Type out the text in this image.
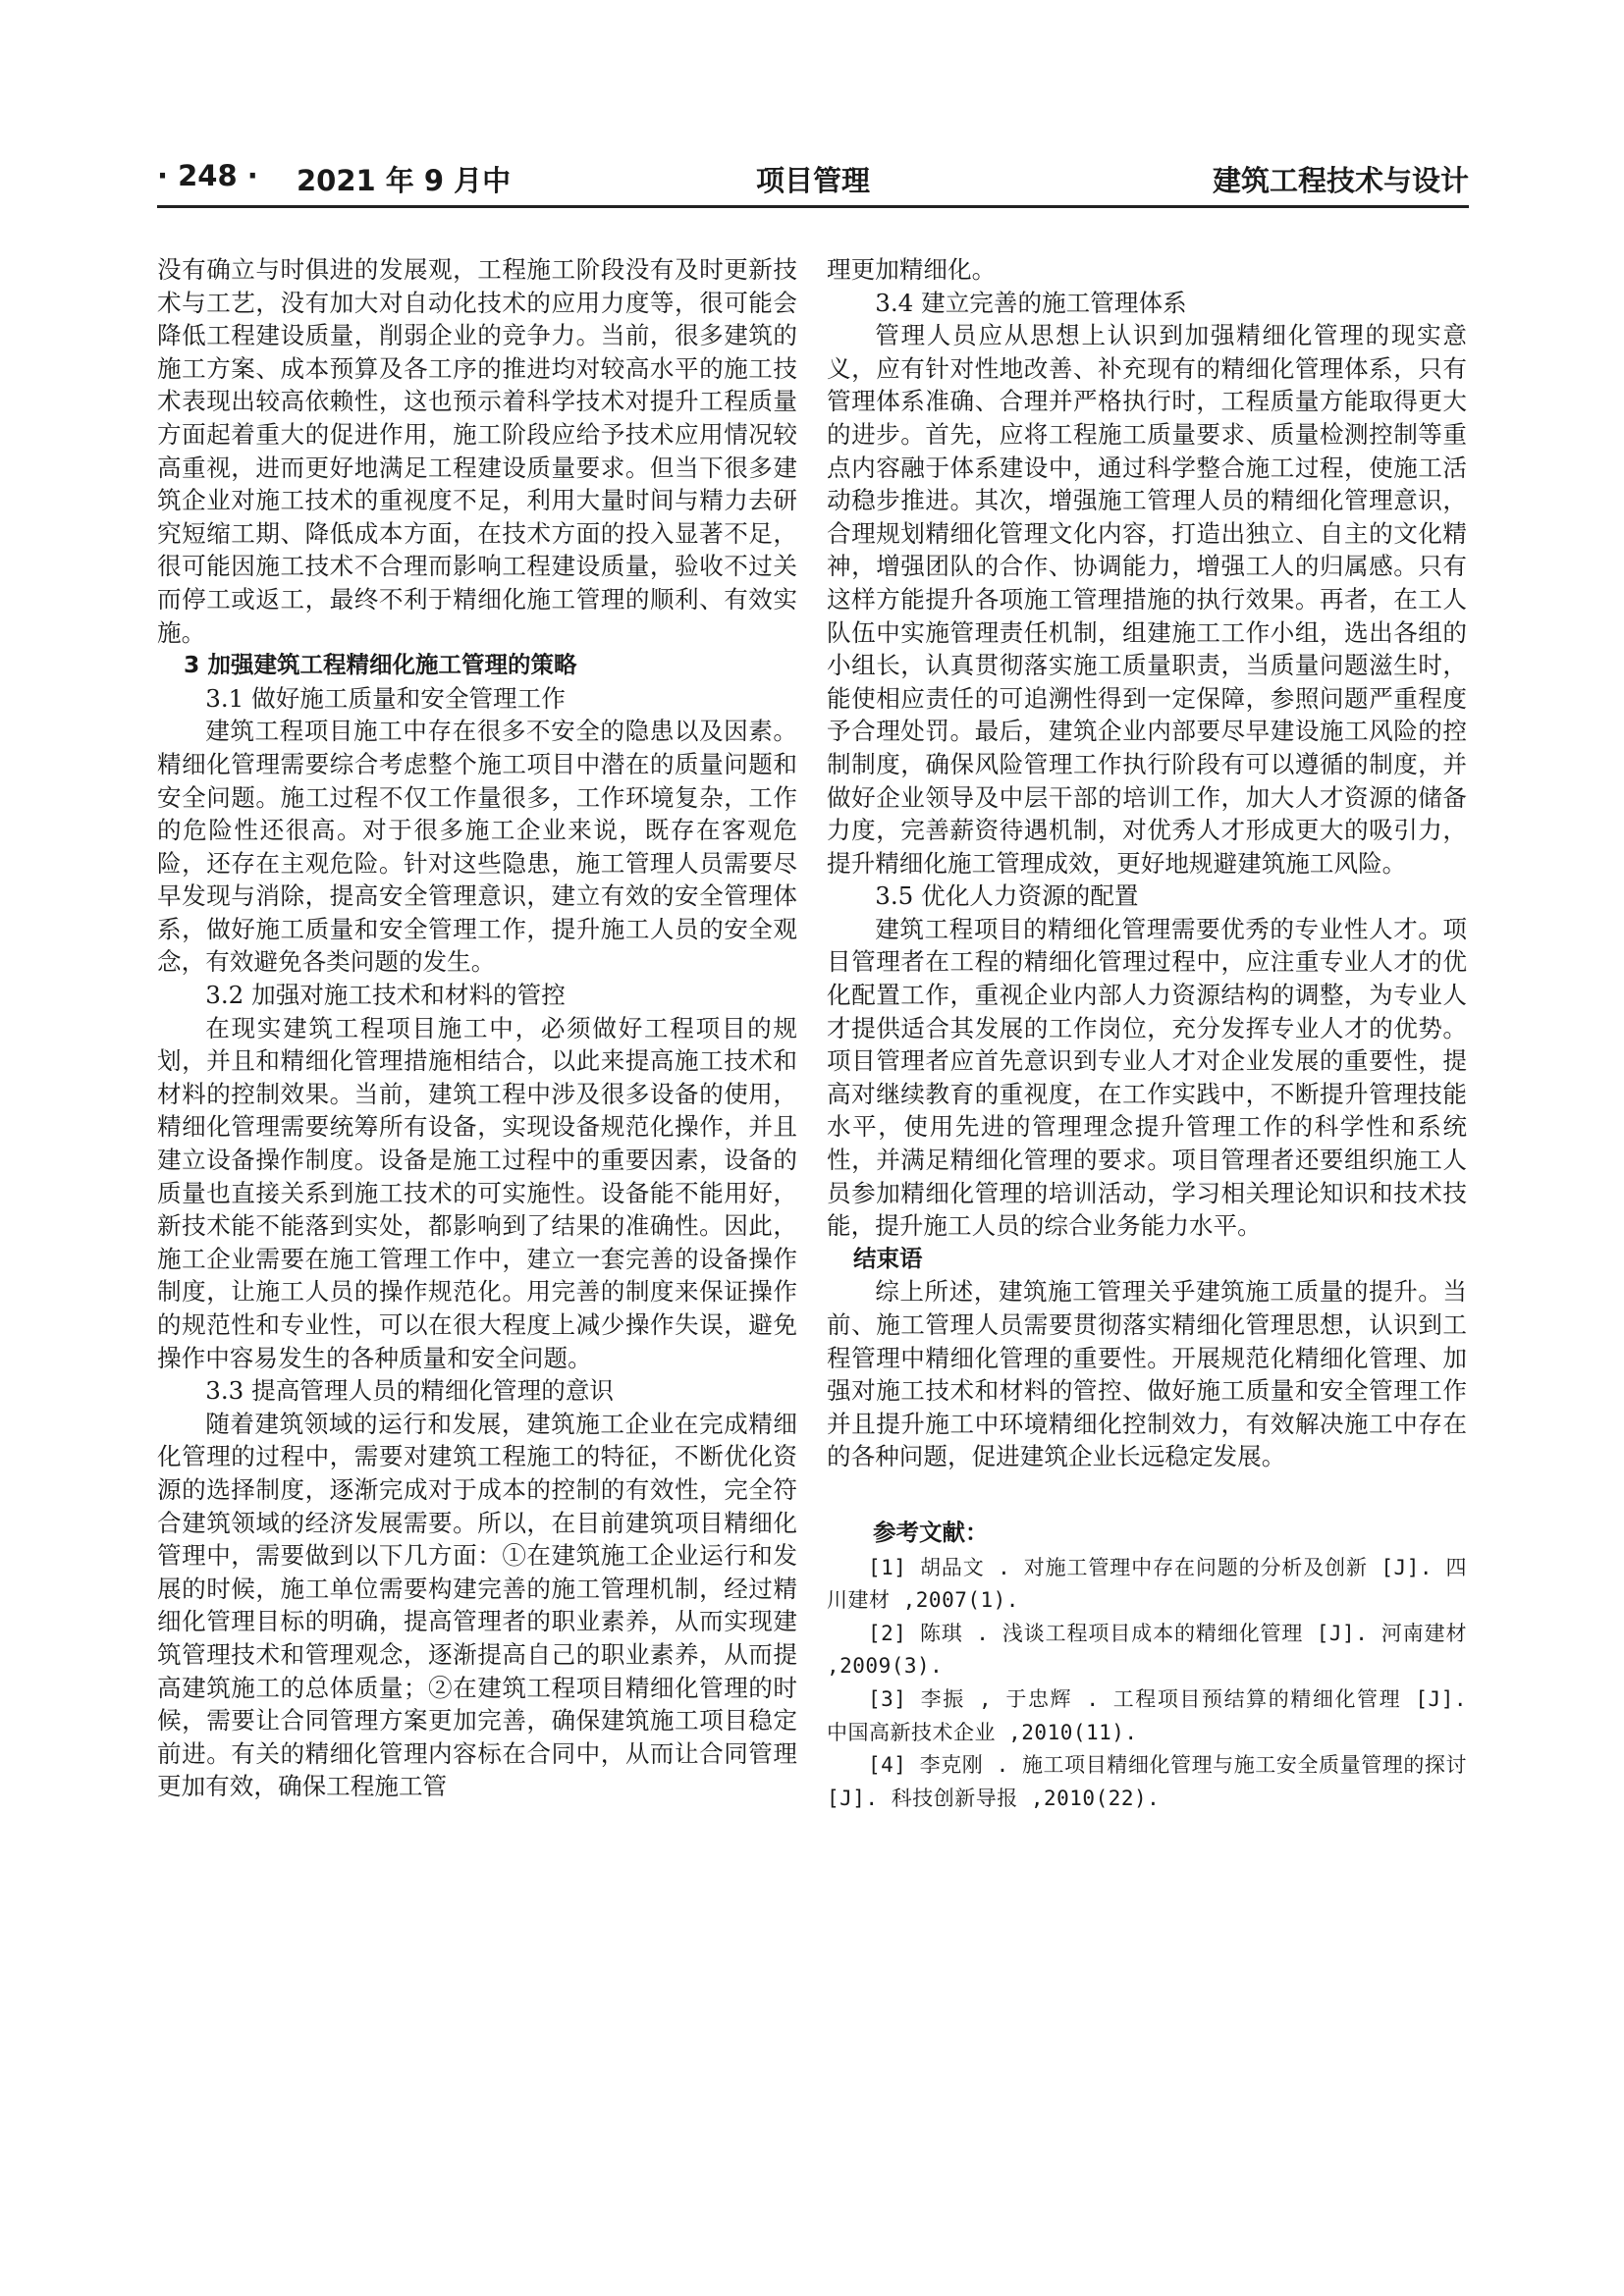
· 248 · 2021 年 9 月中	项目管理	建筑工程技术与设计

没有确立与时俱进的发展观，工程施工阶段没有及时更新技术与工艺，没有加大对自动化技术的应用力度等，很可能会降低工程建设质量，削弱企业的竞争力。当前，很多建筑的施工方案、成本预算及各工序的推进均对较高水平的施工技术表现出较高依赖性，这也预示着科学技术对提升工程质量方面起着重大的促进作用，施工阶段应给予技术应用情况较高重视，进而更好地满足工程建设质量要求。但当下很多建筑企业对施工技术的重视度不足，利用大量时间与精力去研究短缩工期、降低成本方面，在技术方面的投入显著不足，很可能因施工技术不合理而影响工程建设质量，验收不过关而停工或返工，最终不利于精细化施工管理的顺利、有效实施。

3 加强建筑工程精细化施工管理的策略
3.1 做好施工质量和安全管理工作

建筑工程项目施工中存在很多不安全的隐患以及因素。精细化管理需要综合考虑整个施工项目中潜在的质量问题和安全问题。施工过程不仅工作量很多，工作环境复杂，工作的危险性还很高。对于很多施工企业来说，既存在客观危险，还存在主观危险。针对这些隐患，施工管理人员需要尽早发现与消除，提高安全管理意识，建立有效的安全管理体系，做好施工质量和安全管理工作，提升施工人员的安全观念，有效避免各类问题的发生。

3.2 加强对施工技术和材料的管控

在现实建筑工程项目施工中，必须做好工程项目的规划，并且和精细化管理措施相结合，以此来提高施工技术和材料的控制效果。当前，建筑工程中涉及很多设备的使用，精细化管理需要统筹所有设备，实现设备规范化操作，并且建立设备操作制度。设备是施工过程中的重要因素，设备的质量也直接关系到施工技术的可实施性。设备能不能用好，新技术能不能落到实处，都影响到了结果的准确性。因此，施工企业需要在施工管理工作中，建立一套完善的设备操作制度，让施工人员的操作规范化。用完善的制度来保证操作的规范性和专业性，可以在很大程度上减少操作失误，避免操作中容易发生的各种质量和安全问题。

3.3 提高管理人员的精细化管理的意识

随着建筑领域的运行和发展，建筑施工企业在完成精细化管理的过程中，需要对建筑工程施工的特征，不断优化资源的选择制度，逐渐完成对于成本的控制的有效性，完全符合建筑领域的经济发展需要。所以，在目前建筑项目精细化管理中，需要做到以下几方面：①在建筑施工企业运行和发展的时候，施工单位需要构建完善的施工管理机制，经过精细化管理目标的明确，提高管理者的职业素养，从而实现建筑管理技术和管理观念，逐渐提高自己的职业素养，从而提高建筑施工的总体质量；②在建筑工程项目精细化管理的时候，需要让合同管理方案更加完善，确保建筑施工项目稳定前进。有关的精细化管理内容标在合同中，从而让合同管理更加有效，确保工程施工管

理更加精细化。

3.4 建立完善的施工管理体系

管理人员应从思想上认识到加强精细化管理的现实意义，应有针对性地改善、补充现有的精细化管理体系，只有管理体系准确、合理并严格执行时，工程质量方能取得更大的进步。首先，应将工程施工质量要求、质量检测控制等重点内容融于体系建设中，通过科学整合施工过程，使施工活动稳步推进。其次，增强施工管理人员的精细化管理意识，合理规划精细化管理文化内容，打造出独立、自主的文化精神，增强团队的合作、协调能力，增强工人的归属感。只有这样方能提升各项施工管理措施的执行效果。再者，在工人队伍中实施管理责任机制，组建施工工作小组，选出各组的小组长，认真贯彻落实施工质量职责，当质量问题滋生时，能使相应责任的可追溯性得到一定保障，参照问题严重程度予合理处罚。最后，建筑企业内部要尽早建设施工风险的控制制度，确保风险管理工作执行阶段有可以遵循的制度，并做好企业领导及中层干部的培训工作，加大人才资源的储备力度，完善薪资待遇机制，对优秀人才形成更大的吸引力，提升精细化施工管理成效，更好地规避建筑施工风险。

3.5 优化人力资源的配置

建筑工程项目的精细化管理需要优秀的专业性人才。项目管理者在工程的精细化管理过程中，应注重专业人才的优化配置工作，重视企业内部人力资源结构的调整，为专业人才提供适合其发展的工作岗位，充分发挥专业人才的优势。项目管理者应首先意识到专业人才对企业发展的重要性，提高对继续教育的重视度，在工作实践中，不断提升管理技能水平，使用先进的管理理念提升管理工作的科学性和系统性，并满足精细化管理的要求。项目管理者还要组织施工人员参加精细化管理的培训活动，学习相关理论知识和技术技能，提升施工人员的综合业务能力水平。

结束语

综上所述，建筑施工管理关乎建筑施工质量的提升。当前、施工管理人员需要贯彻落实精细化管理思想，认识到工程管理中精细化管理的重要性。开展规范化精细化管理、加强对施工技术和材料的管控、做好施工质量和安全管理工作并且提升施工中环境精细化控制效力，有效解决施工中存在的各种问题，促进建筑企业长远稳定发展。

参考文献：

[1] 胡品文 . 对施工管理中存在问题的分析及创新 [J]. 四川建材 ,2007(1).

[2] 陈琪 . 浅谈工程项目成本的精细化管理 [J]. 河南建材 ,2009(3).

[3] 李振 , 于忠辉 . 工程项目预结算的精细化管理 [J]. 中国高新技术企业 ,2010(11).

[4] 李克刚 . 施工项目精细化管理与施工安全质量管理的探讨 [J]. 科技创新导报 ,2010(22).
